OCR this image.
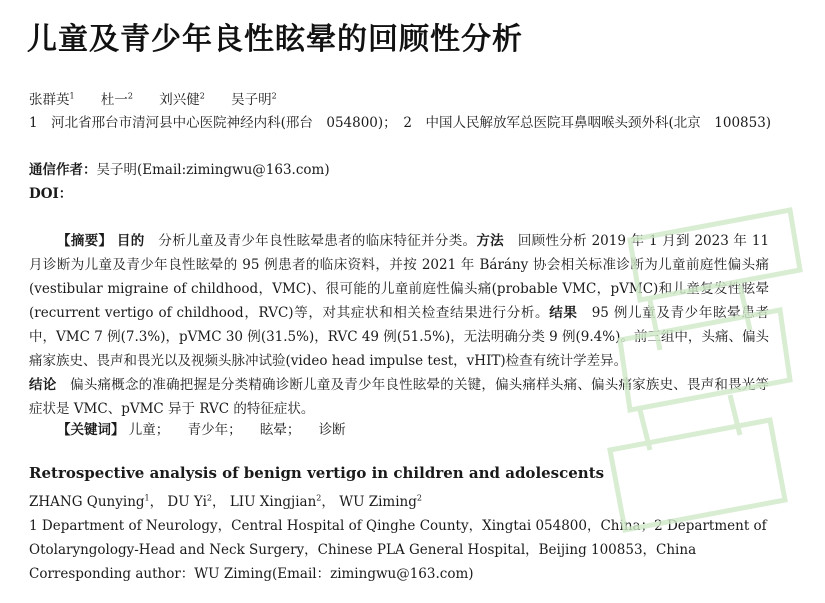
儿童及青少年良性眩晕的回顾性分析
张群英$^1$ 杜一$^2$ 刘兴健$^2$ 吴子明$^2$
1　河北省邢台市清河县中心医院神经内科(邢台　054800)；　2　中国人民解放军总医院耳鼻咽喉头颈外科(北京　100853)
通信作者：吴子明(Email:zimingwu@163.com)
DOI：
【摘要】 目的　 分析儿童及青少年良性眩晕患者的临床特征并分类。方法　 回顾性分析 2019 年 1 月到 2023 年 11 月诊断为儿童及青少年良性眩晕的 95 例患者的临床资料，并按 2021 年 Bárány 协会相关标准诊断为儿童前庭性偏头痛(vestibular migraine of childhood，VMC)、很可能的儿童前庭性偏头痛(probable VMC，pVMC)和儿童复发性眩晕(recurrent vertigo of childhood，RVC)等，对其症状和相关检查结果进行分析。结果　 95 例儿童及青少年眩晕患者中，VMC 7 例(7.3%)，pVMC 30 例(31.5%)，RVC 49 例(51.5%)，无法明确分类 9 例(9.4%)。前三组中，头痛、偏头痛家族史、畏声和畏光以及视频头脉冲试验(video head impulse test，vHIT)检查有统计学差异。
结论　 偏头痛概念的准确把握是分类精确诊断儿童及青少年良性眩晕的关键，偏头痛样头痛、偏头痛家族史、畏声和畏光等症状是 VMC、pVMC 异于 RVC 的特征症状。
【关键词】 儿童； 青少年； 眩晕； 诊断
Retrospective analysis of benign vertigo in children and adolescents
ZHANG Qunying$^1$， DU Yi$^2$， LIU Xingjian$^2$， WU Ziming$^2$
1 Department of Neurology，Central Hospital of Qinghe County，Xingtai 054800，China；2 Department of Otolaryngology-Head and Neck Surgery，Chinese PLA General Hospital，Beijing 100853，China
Corresponding author：WU Ziming(Email：zimingwu@163.com)
